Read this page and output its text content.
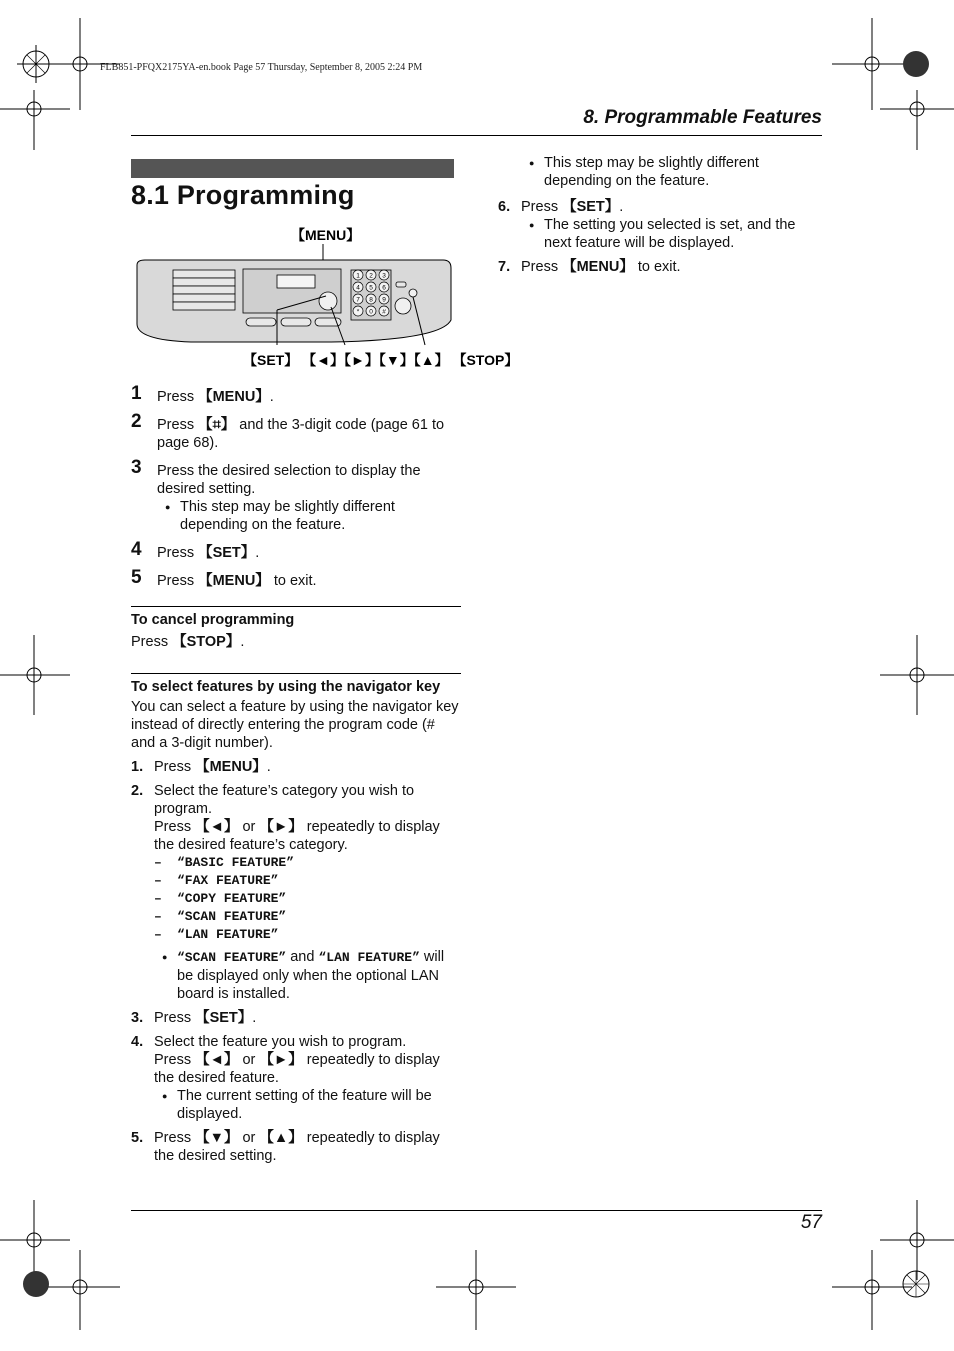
FLB851-PFQX2175YA-en.book Page 57 Thursday, September 8, 2005 2:24 PM
8. Programmable Features
8.1 Programming
【MENU】
1 2 3
4 5 6
7 8 9
* 0 #
【SET】 【◄】【►】【▼】【▲】 【STOP】
1 Press 【MENU】.
2 Press 【⌗】 and the 3-digit code (page 61 to page 68).
3 Press the desired selection to display the desired setting.
● This step may be slightly different depending on the feature.
4 Press 【SET】.
5 Press 【MENU】 to exit.
To cancel programming
Press 【STOP】.
To select features by using the navigator key
You can select a feature by using the navigator key instead of directly entering the program code (# and a 3-digit number).
1. Press 【MENU】.
2. Select the feature’s category you wish to program.
Press 【◄】 or 【►】 repeatedly to display the desired feature’s category.
– “BASIC FEATURE”
– “FAX FEATURE”
– “COPY FEATURE”
– “SCAN FEATURE”
– “LAN FEATURE”
● “SCAN FEATURE” and “LAN FEATURE” will be displayed only when the optional LAN board is installed.
3. Press 【SET】.
4. Select the feature you wish to program.
Press 【◄】 or 【►】 repeatedly to display the desired feature.
● The current setting of the feature will be displayed.
5. Press 【▼】 or 【▲】 repeatedly to display the desired setting.
● This step may be slightly different depending on the feature.
6. Press 【SET】.
● The setting you selected is set, and the next feature will be displayed.
7. Press 【MENU】 to exit.
57
